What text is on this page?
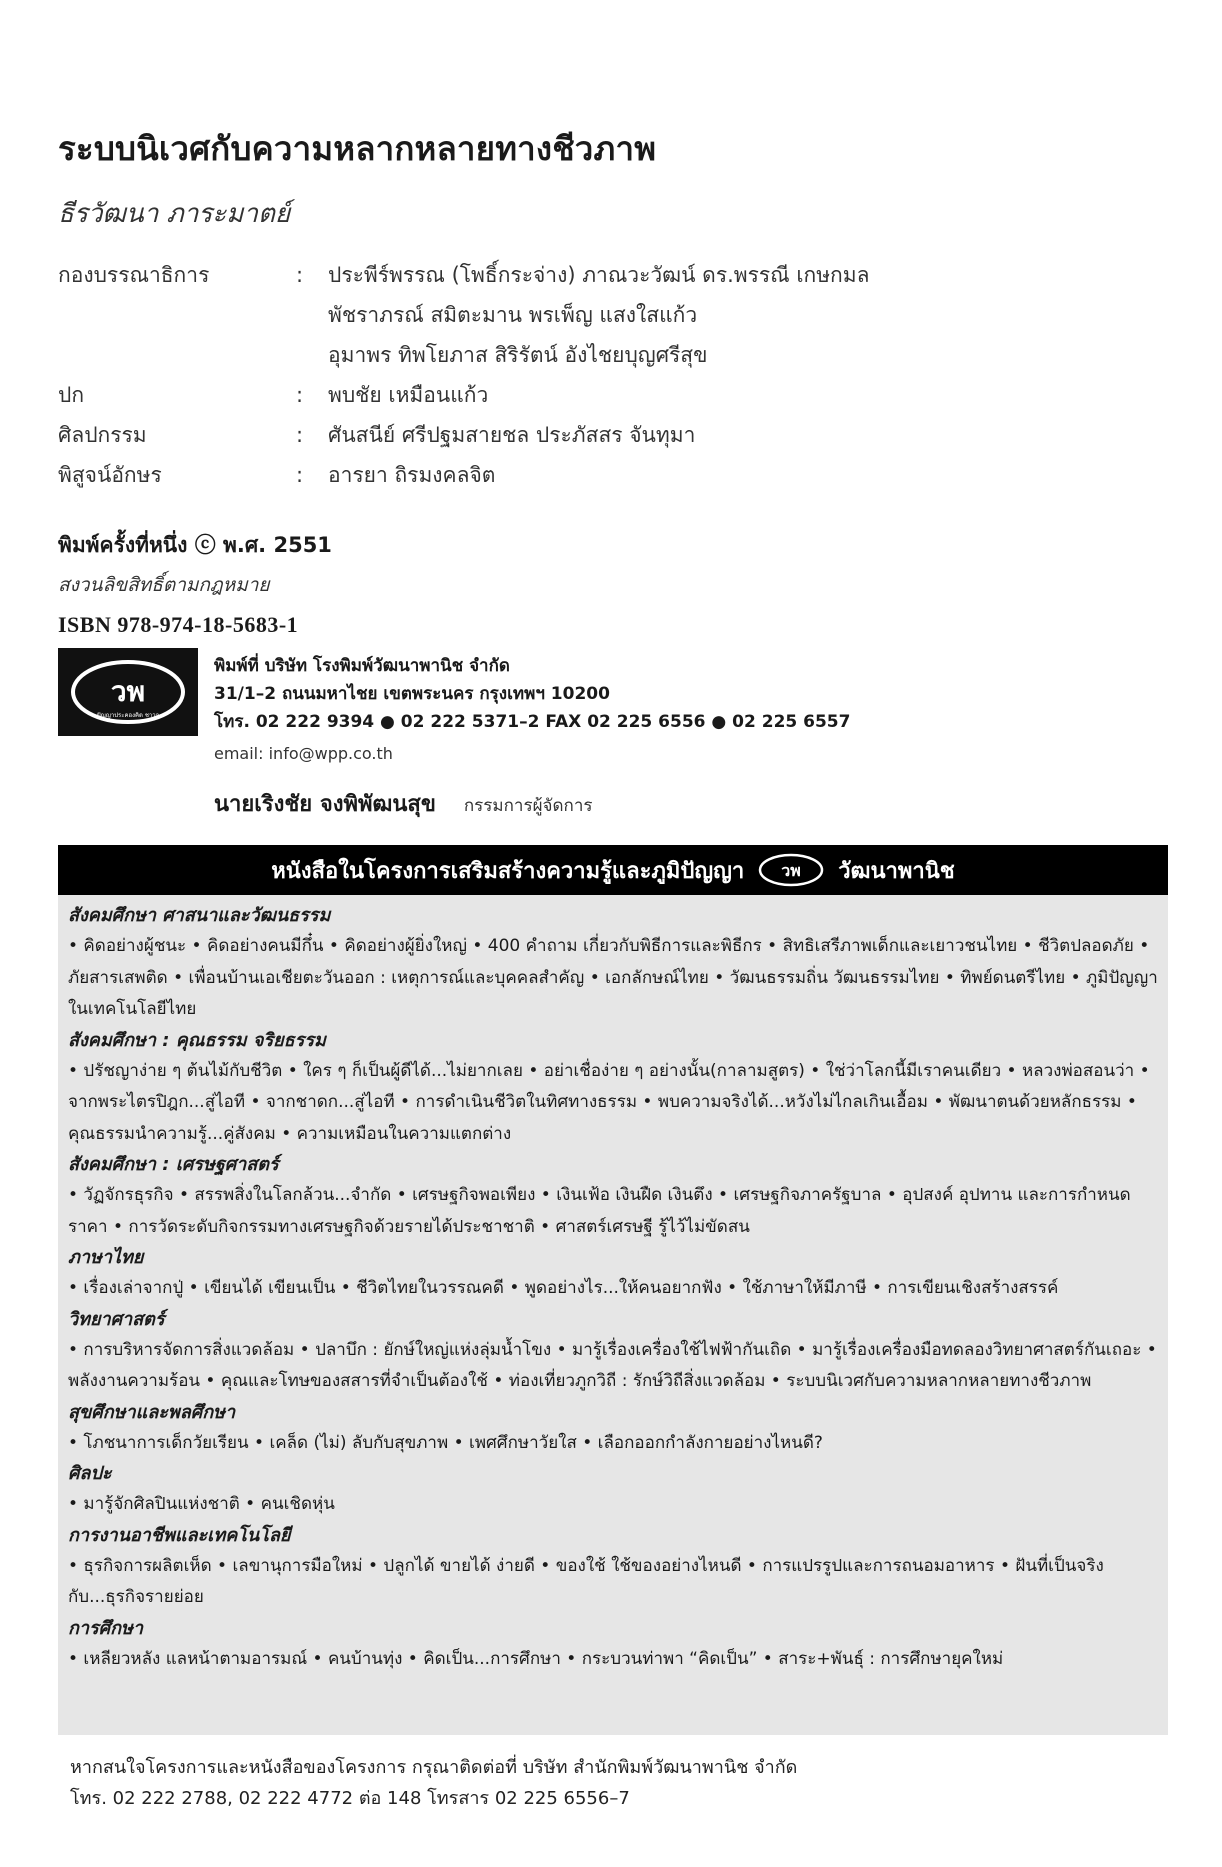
ระบบนิเวศกับความหลากหลายทางชีวภาพ
ธีรวัฒนา ภาระมาตย์
กองบรรณาธิการ	:	ประพีร์พรรณ (โพธิ์กระจ่าง) ภาณวะวัฒน์ ดร.พรรณี เกษกมล
พัชราภรณ์ สมิตะมาน พรเพ็ญ แสงใสแก้ว
อุมาพร ทิพโยภาส สิริรัตน์ อังไชยบุญศรีสุข
ปก	:	พบชัย เหมือนแก้ว
ศิลปกรรม	:	ศันสนีย์ ศรีปฐมสายชล ประภัสสร จันทุมา
พิสูจน์อักษร	:	อารยา ถิรมงคลจิต
พิมพ์ครั้งที่หนึ่ง ⓒ พ.ศ. 2551
สงวนลิขสิทธิ์ตามกฎหมาย
ISBN 978-974-18-5683-1
วพ
ปัญญาประคองคิด ชาวจ
พิมพ์ที่ บริษัท โรงพิมพ์วัฒนาพานิช จำกัด
31/1–2 ถนนมหาไชย เขตพระนคร กรุงเทพฯ 10200
โทร. 02 222 9394 ● 02 222 5371–2 FAX 02 225 6556 ● 02 225 6557
email: info@wpp.co.th
นายเริงชัย จงพิพัฒนสุข กรรมการผู้จัดการ
หนังสือในโครงการเสริมสร้างความรู้และภูมิปัญญา วพ วัฒนาพานิช
สังคมศึกษา ศาสนาและวัฒนธรรม
• คิดอย่างผู้ชนะ • คิดอย่างคนมีกึ๋น • คิดอย่างผู้ยิ่งใหญ่ • 400 คำถาม เกี่ยวกับพิธีการและพิธีกร • สิทธิเสรีภาพเด็กและเยาวชนไทย • ชีวิตปลอดภัย • ภัยสารเสพติด • เพื่อนบ้านเอเชียตะวันออก : เหตุการณ์และบุคคลสำคัญ • เอกลักษณ์ไทย • วัฒนธรรมถิ่น วัฒนธรรมไทย • ทิพย์ดนตรีไทย • ภูมิปัญญาในเทคโนโลยีไทย
สังคมศึกษา : คุณธรรม จริยธรรม
• ปรัชญาง่าย ๆ ต้นไม้กับชีวิต • ใคร ๆ ก็เป็นผู้ดีได้...ไม่ยากเลย • อย่าเชื่อง่าย ๆ อย่างนั้น(กาลามสูตร) • ใช่ว่าโลกนี้มีเราคนเดียว • หลวงพ่อสอนว่า • จากพระไตรปิฎก...สู่ไอที • จากชาดก...สู่ไอที • การดำเนินชีวิตในทิศทางธรรม • พบความจริงได้...หวังไม่ไกลเกินเอื้อม • พัฒนาตนด้วยหลักธรรม • คุณธรรมนำความรู้...คู่สังคม • ความเหมือนในความแตกต่าง
สังคมศึกษา : เศรษฐศาสตร์
• วัฏจักรธุรกิจ • สรรพสิ่งในโลกล้วน...จำกัด • เศรษฐกิจพอเพียง • เงินเฟ้อ เงินฝืด เงินตึง • เศรษฐกิจภาครัฐบาล • อุปสงค์ อุปทาน และการกำหนดราคา • การวัดระดับกิจกรรมทางเศรษฐกิจด้วยรายได้ประชาชาติ • ศาสตร์เศรษฐี รู้ไว้ไม่ขัดสน
ภาษาไทย
• เรื่องเล่าจากปู่ • เขียนได้ เขียนเป็น • ชีวิตไทยในวรรณคดี • พูดอย่างไร...ให้คนอยากฟัง • ใช้ภาษาให้มีภาษี • การเขียนเชิงสร้างสรรค์
วิทยาศาสตร์
• การบริหารจัดการสิ่งแวดล้อม • ปลาบึก : ยักษ์ใหญ่แห่งลุ่มน้ำโขง • มารู้เรื่องเครื่องใช้ไฟฟ้ากันเถิด • มารู้เรื่องเครื่องมือทดลองวิทยาศาสตร์กันเถอะ • พลังงานความร้อน • คุณและโทษของสสารที่จำเป็นต้องใช้ • ท่องเที่ยวภูกวิถี : รักษ์วิถีสิ่งแวดล้อม • ระบบนิเวศกับความหลากหลายทางชีวภาพ
สุขศึกษาและพลศึกษา
• โภชนาการเด็กวัยเรียน • เคล็ด (ไม่) ลับกับสุขภาพ • เพศศึกษาวัยใส • เลือกออกกำลังกายอย่างไหนดี?
ศิลปะ
• มารู้จักศิลปินแห่งชาติ • คนเชิดหุ่น
การงานอาชีพและเทคโนโลยี
• ธุรกิจการผลิตเห็ด • เลขานุการมือใหม่ • ปลูกได้ ขายได้ ง่ายดี • ของใช้ ใช้ของอย่างไหนดี • การแปรรูปและการถนอมอาหาร • ฝันที่เป็นจริงกับ...ธุรกิจรายย่อย
การศึกษา
• เหลียวหลัง แลหน้าตามอารมณ์ • คนบ้านทุ่ง • คิดเป็น...การศึกษา • กระบวนท่าพา “คิดเป็น” • สาระ+พันธุ์ : การศึกษายุคใหม่
หากสนใจโครงการและหนังสือของโครงการ กรุณาติดต่อที่ บริษัท สำนักพิมพ์วัฒนาพานิช จำกัด
โทร. 02 222 2788, 02 222 4772 ต่อ 148 โทรสาร 02 225 6556–7
